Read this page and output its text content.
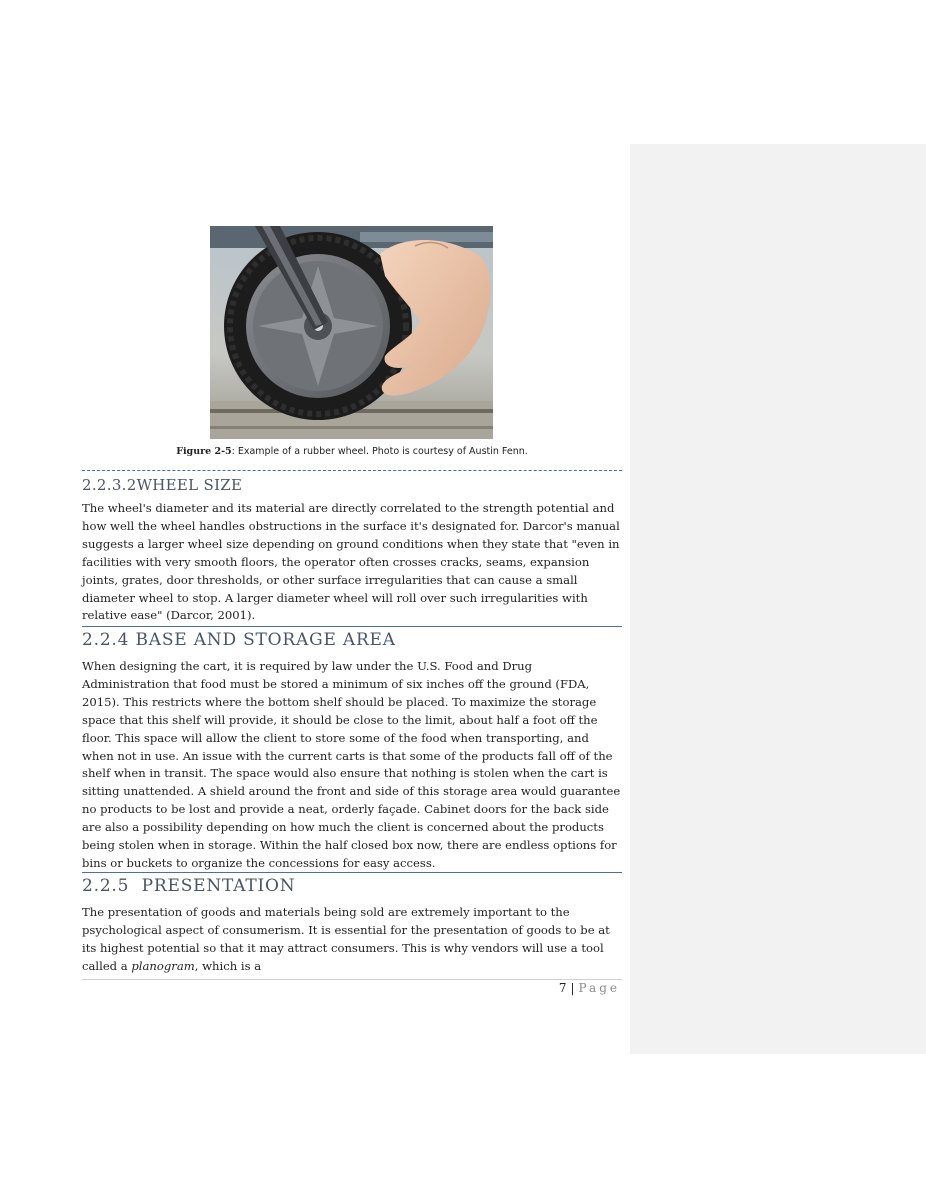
Figure 2-5: Example of a rubber wheel. Photo is courtesy of Austin Fenn.
2.2.3.2WHEEL SIZE

The wheel's diameter and its material are directly correlated to the strength potential and how well the wheel handles obstructions in the surface it's designated for. Darcor's manual suggests a larger wheel size depending on ground conditions when they state that "even in facilities with very smooth floors, the operator often crosses cracks, seams, expansion joints, grates, door thresholds, or other surface irregularities that can cause a small diameter wheel to stop. A larger diameter wheel will roll over such irregularities with relative ease" (Darcor, 2001).

2.2.4 BASE AND STORAGE AREA

When designing the cart, it is required by law under the U.S. Food and Drug Administration that food must be stored a minimum of six inches off the ground (FDA, 2015). This restricts where the bottom shelf should be placed. To maximize the storage space that this shelf will provide, it should be close to the limit, about half a foot off the floor. This space will allow the client to store some of the food when transporting, and when not in use. An issue with the current carts is that some of the products fall off of the shelf when in transit. The space would also ensure that nothing is stolen when the cart is sitting unattended. A shield around the front and side of this storage area would guarantee no products to be lost and provide a neat, orderly façade. Cabinet doors for the back side are also a possibility depending on how much the client is concerned about the products being stolen when in storage. Within the half closed box now, there are endless options for bins or buckets to organize the concessions for easy access.

2.2.5  PRESENTATION

The presentation of goods and materials being sold are extremely important to the psychological aspect of consumerism. It is essential for the presentation of goods to be at its highest potential so that it may attract consumers. This is why vendors will use a tool called a planogram, which is a

7 | Page
